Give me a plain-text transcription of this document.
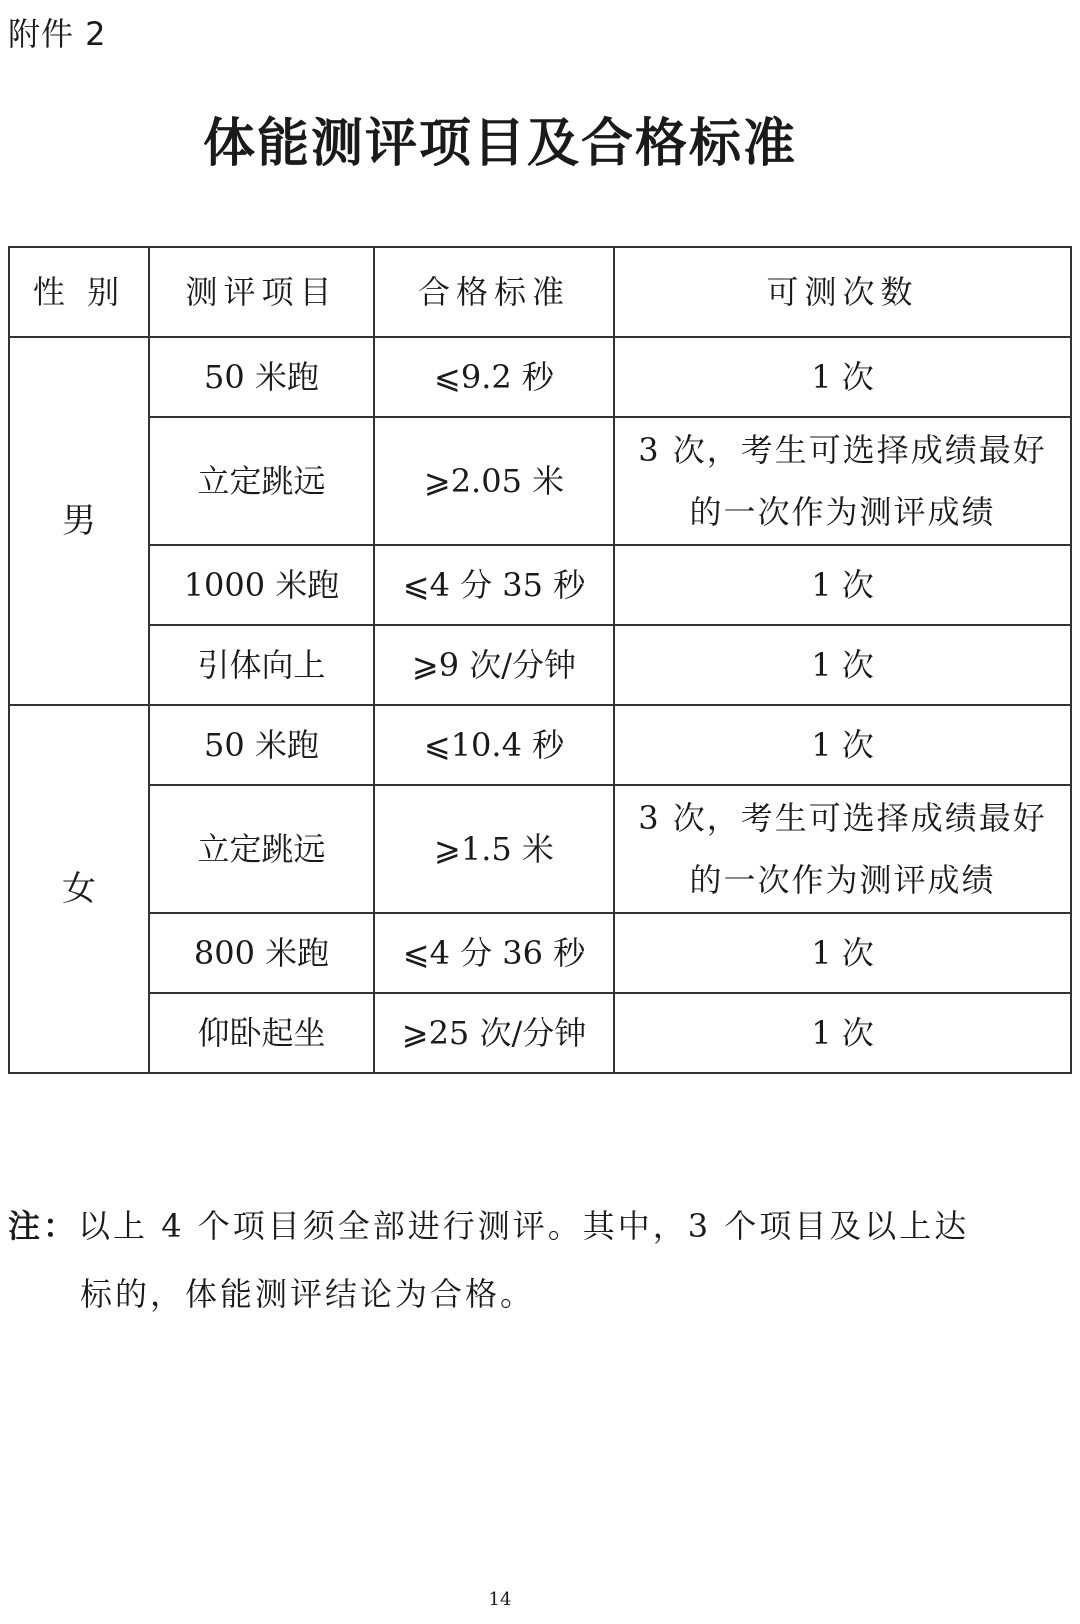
附件 2
体能测评项目及合格标准
性 别	测评项目	合格标准	可测次数
男	50 米跑	⩽9.2 秒	1 次
	立定跳远	⩾2.05 米	3 次，考生可选择成绩最好
的一次作为测评成绩

	1000 米跑	⩽4 分 35 秒	1 次
	引体向上	⩾9 次/分钟	1 次
女	50 米跑	⩽10.4 秒	1 次
	立定跳远	⩾1.5 米	3 次，考生可选择成绩最好
的一次作为测评成绩

	800 米跑	⩽4 分 36 秒	1 次
	仰卧起坐	⩾25 次/分钟	1 次
注：以上 4 个项目须全部进行测评。其中，3 个项目及以上达
标的，体能测评结论为合格。
14
